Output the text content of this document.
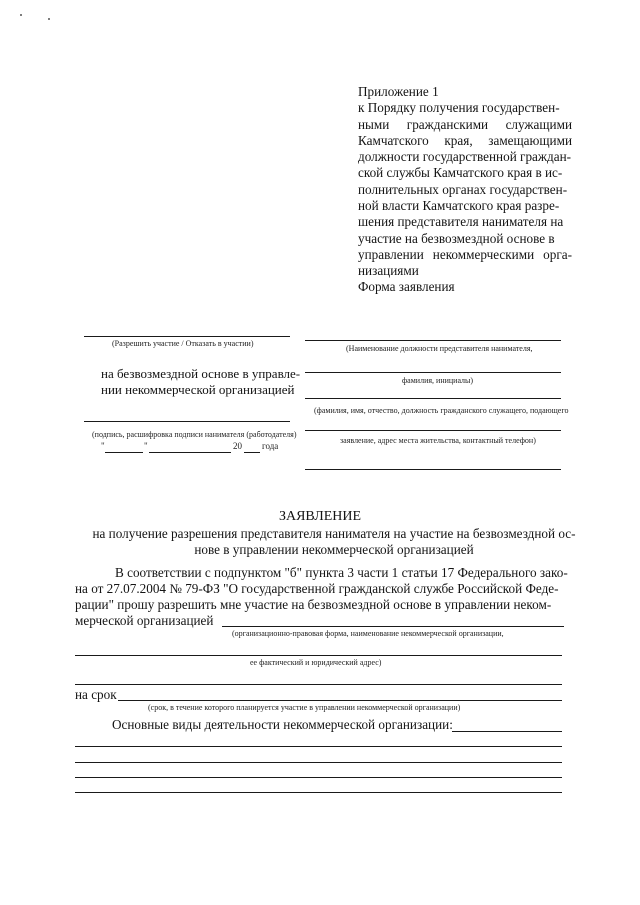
Приложение 1
к Порядку получения государствен-
ными гражданскими служащими
Камчатского края, замещающими
должности государственной граждан-
ской службы Камчатского края в ис-
полнительных органах государствен-
ной власти Камчатского края разре-
шения представителя нанимателя на
участие на безвозмездной основе в
управлении некоммерческими орга-
низациями
Форма заявления
(Разрешить участие / Отказать в участии)
на безвозмездной основе в управле-
нии некоммерческой организацией
(подпись, расшифровка подписи нанимателя (работодателя)
"	"	20 года
(Наименование должности представителя нанимателя,
фамилия, инициалы)
(фамилия, имя, отчество, должность гражданского служащего, подающего
заявление, адрес места жительства, контактный телефон)
ЗАЯВЛЕНИЕ
на получение разрешения представителя нанимателя на участие на безвозмездной ос-
нове в управлении некоммерческой организацией
В соответствии с подпунктом "б" пункта 3 части 1 статьи 17 Федерального зако-
на от 27.07.2004 № 79-ФЗ "О государственной гражданской службе Российской Феде-
рации" прошу разрешить мне участие на безвозмездной основе в управлении неком-
мерческой организацией
(организационно-правовая форма, наименование некоммерческой организации,
ее фактический и юридический адрес)
на срок
(срок, в течение которого планируется участие в управлении некоммерческой организации)
Основные виды деятельности некоммерческой организации:
